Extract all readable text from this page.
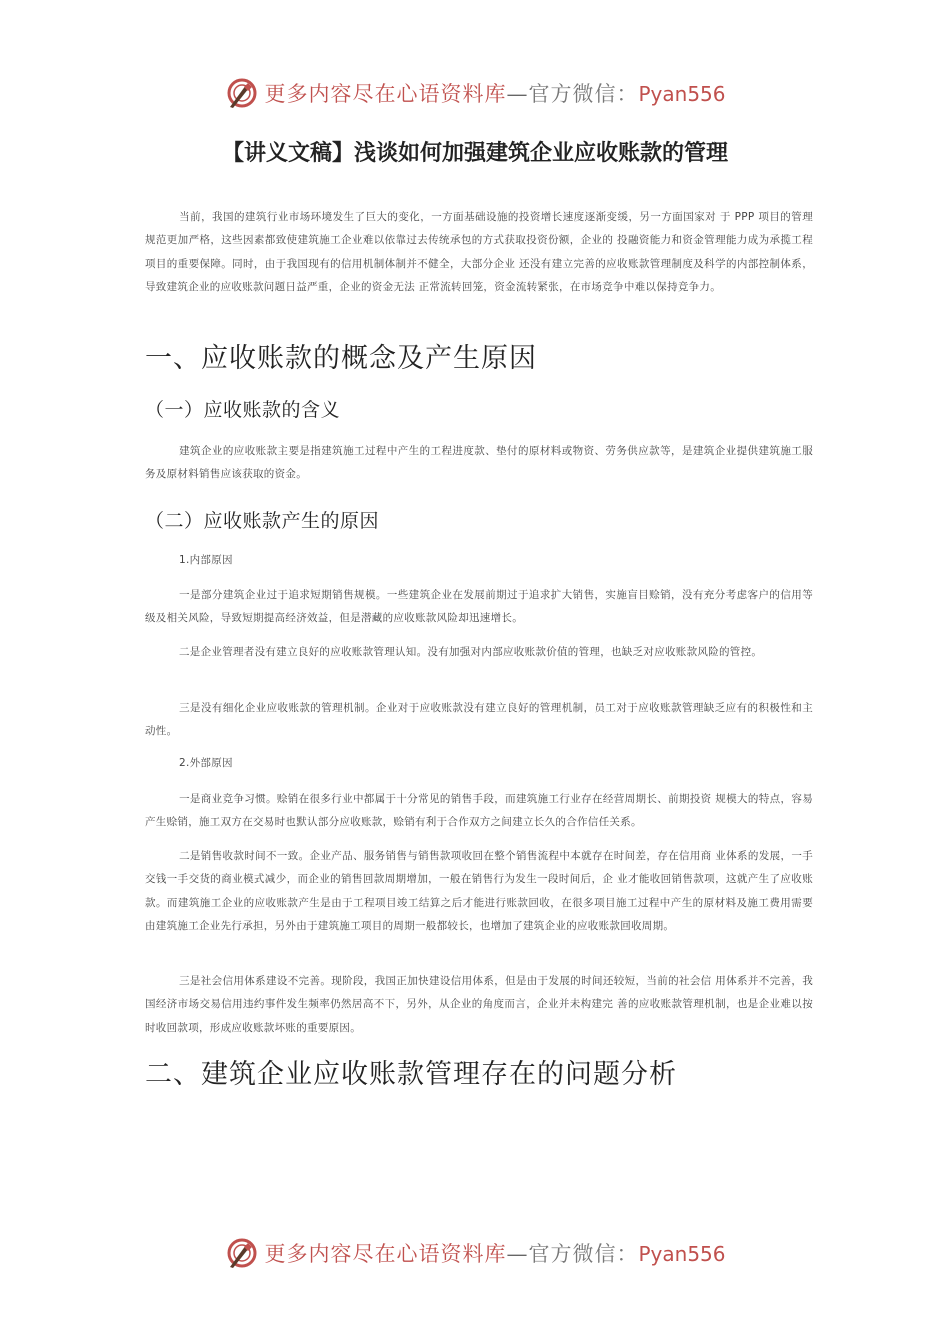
更多内容尽在心语资料库—官方微信：Pyan556
【讲义文稿】浅谈如何加强建筑企业应收账款的管理

当前，我国的建筑行业市场环境发生了巨大的变化，一方面基础设施的投资增长速度逐渐变缓，另一方面国家对 于 PPP 项目的管理规范更加严格，这些因素都致使建筑施工企业难以依靠过去传统承包的方式获取投资份额，企业的 投融资能力和资金管理能力成为承揽工程项目的重要保障。同时，由于我国现有的信用机制体制并不健全，大部分企业 还没有建立完善的应收账款管理制度及科学的内部控制体系，导致建筑企业的应收账款问题日益严重，企业的资金无法 正常流转回笼，资金流转紧张，在市场竞争中难以保持竞争力。

一、应收账款的概念及产生原因
（一）应收账款的含义

建筑企业的应收账款主要是指建筑施工过程中产生的工程进度款、垫付的原材料或物资、劳务供应款等，是建筑企业提供建筑施工服务及原材料销售应该获取的资金。

（二）应收账款产生的原因

1.内部原因

一是部分建筑企业过于追求短期销售规模。一些建筑企业在发展前期过于追求扩大销售，实施盲目赊销，没有充分考虑客户的信用等级及相关风险，导致短期提高经济效益，但是潜藏的应收账款风险却迅速增长。

二是企业管理者没有建立良好的应收账款管理认知。没有加强对内部应收账款价值的管理，也缺乏对应收账款风险的管控。

三是没有细化企业应收账款的管理机制。企业对于应收账款没有建立良好的管理机制，员工对于应收账款管理缺乏应有的积极性和主动性。

2.外部原因

一是商业竞争习惯。赊销在很多行业中都属于十分常见的销售手段，而建筑施工行业存在经营周期长、前期投资 规模大的特点，容易产生赊销，施工双方在交易时也默认部分应收账款，赊销有利于合作双方之间建立长久的合作信任关系。

二是销售收款时间不一致。企业产品、服务销售与销售款项收回在整个销售流程中本就存在时间差，存在信用商 业体系的发展，一手交钱一手交货的商业模式减少，而企业的销售回款周期增加，一般在销售行为发生一段时间后，企 业才能收回销售款项，这就产生了应收账款。而建筑施工企业的应收账款产生是由于工程项目竣工结算之后才能进行账款回收，在很多项目施工过程中产生的原材料及施工费用需要由建筑施工企业先行承担，另外由于建筑施工项目的周期一般都较长，也增加了建筑企业的应收账款回收周期。

三是社会信用体系建设不完善。现阶段，我国正加快建设信用体系，但是由于发展的时间还较短，当前的社会信 用体系并不完善，我国经济市场交易信用违约事件发生频率仍然居高不下，另外，从企业的角度而言，企业并未构建完 善的应收账款管理机制，也是企业难以按时收回款项，形成应收账款坏账的重要原因。

二、建筑企业应收账款管理存在的问题分析
更多内容尽在心语资料库—官方微信：Pyan556
